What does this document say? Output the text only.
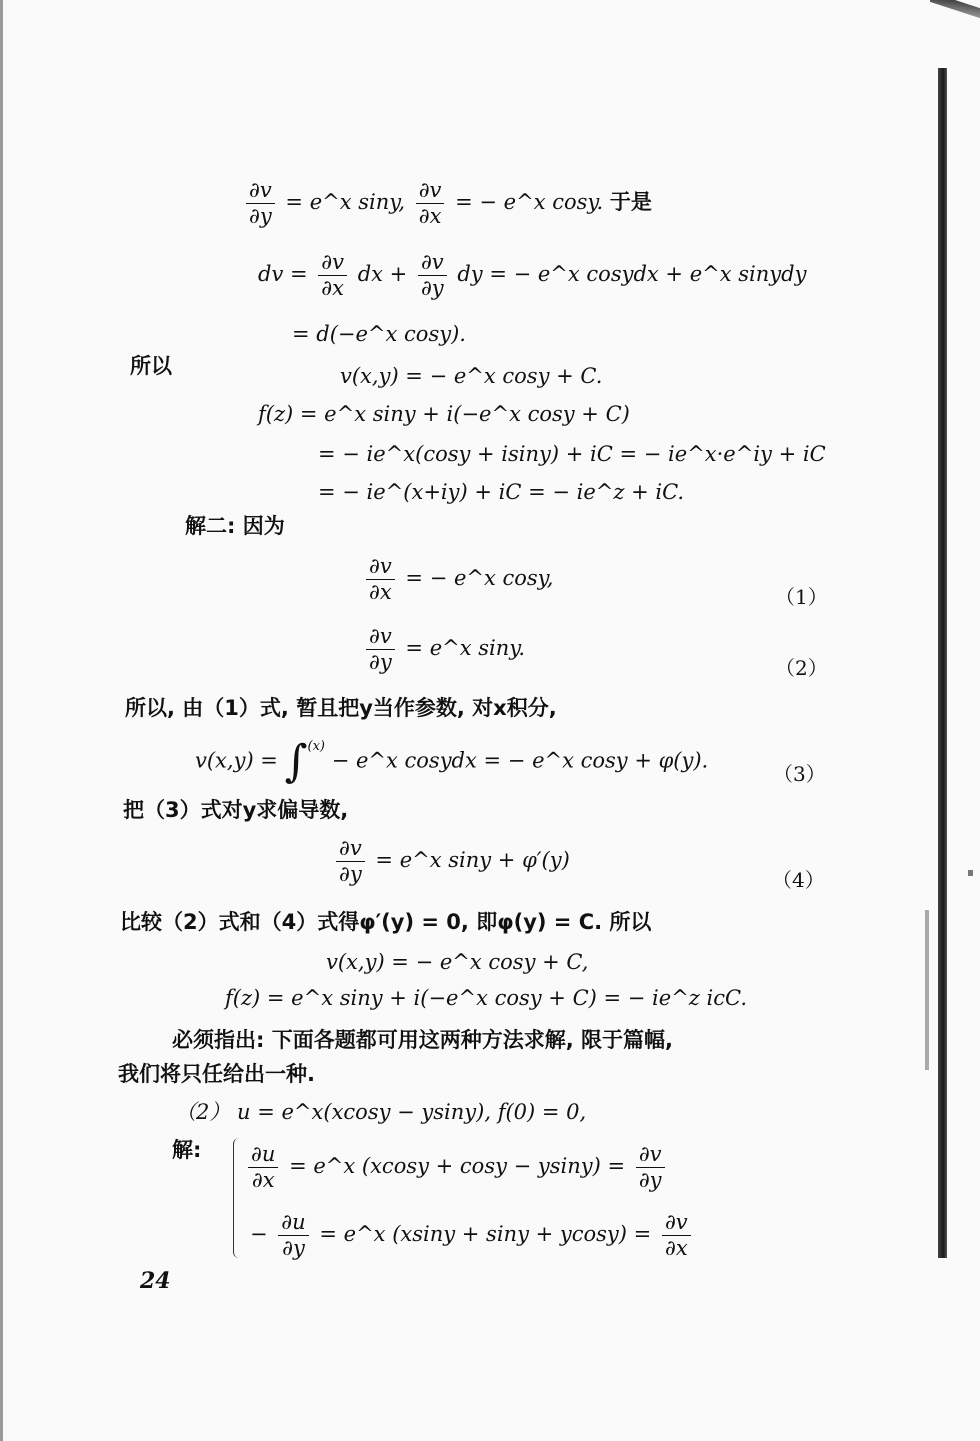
$\frac{\partial v}{\partial y}$ = e^x siny, $\frac{\partial v}{\partial x}$ = − e^x cosy. 于是
dv = $\frac{\partial v}{\partial x}$ dx + $\frac{\partial v}{\partial y}$ dy = − e^x cosydx + e^x sinydy
= d(−e^x cosy).
所以	v(x,y) = − e^x cosy + C.
f(z) = e^x siny + i(−e^x cosy + C)
= − ie^x(cosy + isiny) + iC = − ie^x·e^iy + iC
= − ie^(x+iy) + iC = − ie^z + iC.
解二: 因为
$\frac{\partial v}{\partial x}$ = − e^x cosy,
（1）
$\frac{\partial v}{\partial y}$ = e^x siny.
（2）
所以, 由（1）式, 暂且把y当作参数, 对x积分,
v(x,y) = ∫$^{(x)}$ − e^x cosydx = − e^x cosy + φ(y).
（3）
把（3）式对y求偏导数,
$\frac{\partial v}{\partial y}$ = e^x siny + φ′(y)
（4）
比较（2）式和（4）式得φ′(y) = 0, 即φ(y) = C. 所以
v(x,y) = − e^x cosy + C,
f(z) = e^x siny + i(−e^x cosy + C) = − ie^z icC.
必须指出: 下面各题都可用这两种方法求解, 限于篇幅,
我们将只任给出一种.
（2） u = e^x(xcosy − ysiny), f(0) = 0,
解: $\frac{\partial u}{\partial x}$ = e^x $(xcosy + \cos y - ysiny) = \frac{\partial v}{\partial y}$
− $\frac{\partial u}{\partial y}$ = e^x $(xsiny + \sin y + ycosy) = \frac{\partial v}{\partial x}$
24
